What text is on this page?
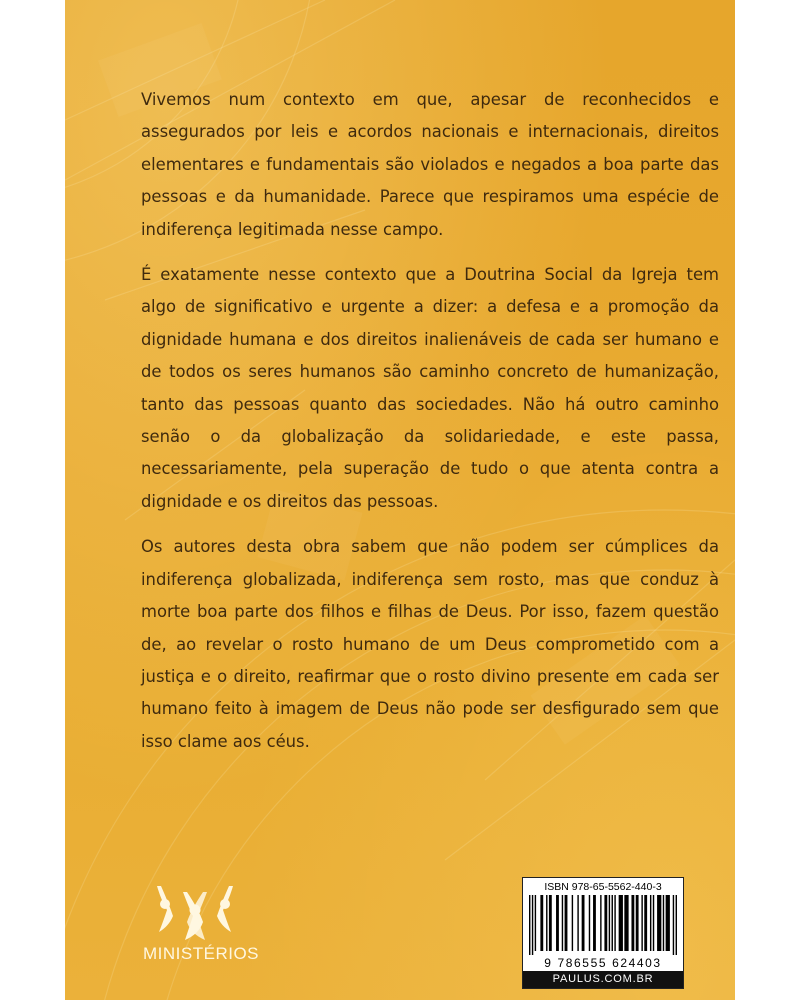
Vivemos num contexto em que, apesar de reconhecidos e assegurados por leis e acordos nacionais e internacionais, direitos elementares e fundamentais são violados e negados a boa parte das pessoas e da humanidade. Parece que respiramos uma espécie de indiferença legitimada nesse campo.

É exatamente nesse contexto que a Doutrina Social da Igreja tem algo de significativo e urgente a dizer: a defesa e a promoção da dignidade humana e dos direitos inalienáveis de cada ser humano e de todos os seres humanos são caminho concreto de humanização, tanto das pessoas quanto das sociedades. Não há outro caminho senão o da globalização da solidariedade, e este passa, necessariamente, pela superação de tudo o que atenta contra a dignidade e os direitos das pessoas.

Os autores desta obra sabem que não podem ser cúmplices da indiferença globalizada, indiferença sem rosto, mas que conduz à morte boa parte dos filhos e filhas de Deus. Por isso, fazem questão de, ao revelar o rosto humano de um Deus comprometido com a justiça e o direito, reafirmar que o rosto divino presente em cada ser humano feito à imagem de Deus não pode ser desfigurado sem que isso clame aos céus.

MINISTÉRIOS
ISBN 978-65-5562-440-3
9 786555 624403
PAULUS.COM.BR
